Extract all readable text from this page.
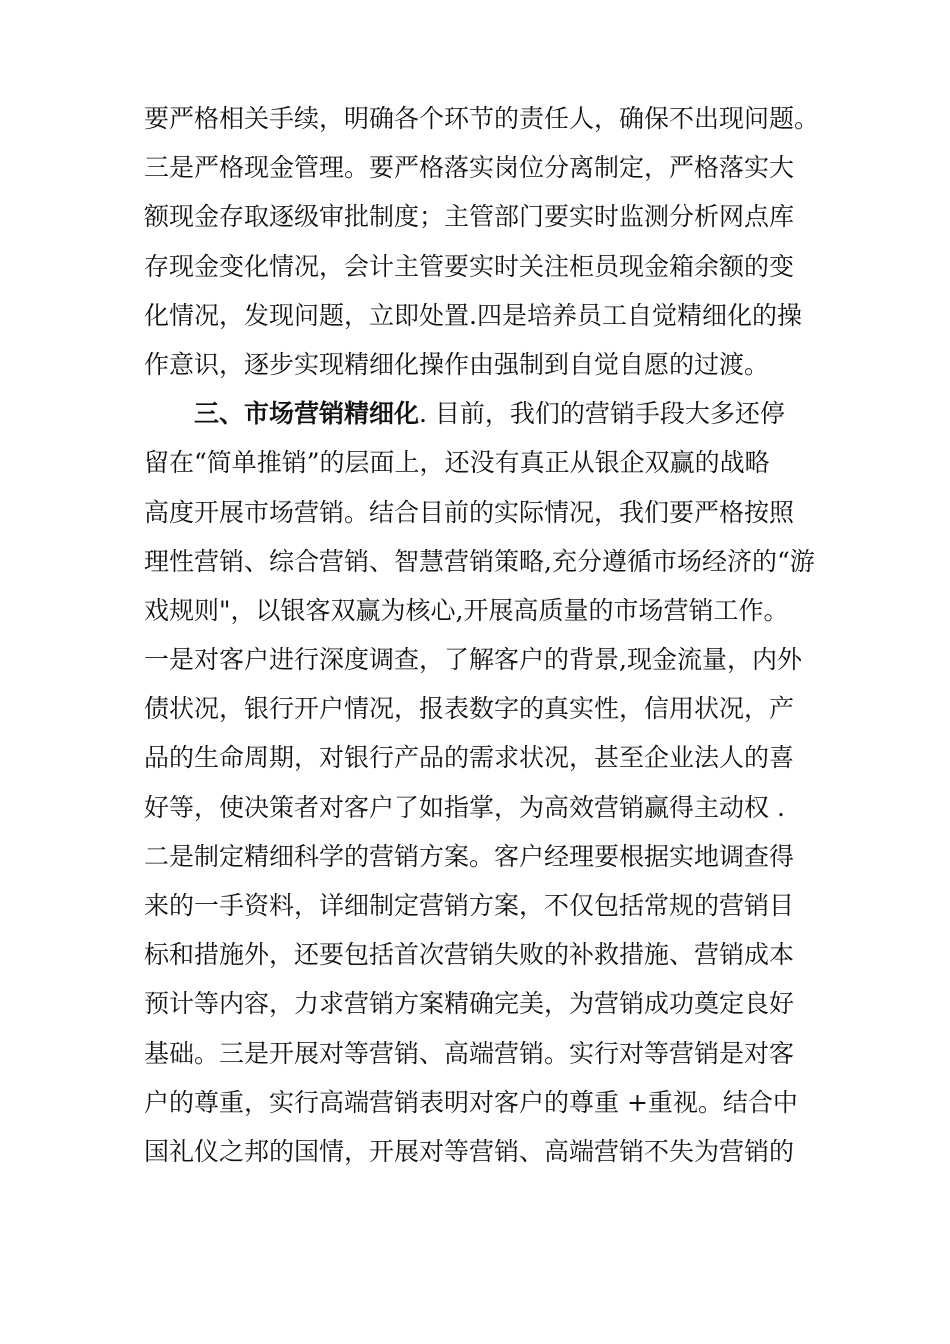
要严格相关手续，明确各个环节的责任人，确保不出现问题。
三是严格现金管理。要严格落实岗位分离制定，严格落实大
额现金存取逐级审批制度；主管部门要实时监测分析网点库
存现金变化情况，会计主管要实时关注柜员现金箱余额的变
化情况，发现问题，立即处置.四是培养员工自觉精细化的操
作意识，逐步实现精细化操作由强制到自觉自愿的过渡。
三、市场营销精细化. 目前，我们的营销手段大多还停
留在“简单推销”的层面上，还没有真正从银企双赢的战略
高度开展市场营销。结合目前的实际情况，我们要严格按照
理性营销、综合营销、智慧营销策略,充分遵循市场经济的“游
戏规则"，以银客双赢为核心,开展高质量的市场营销工作。
一是对客户进行深度调查，了解客户的背景,现金流量，内外
债状况，银行开户情况，报表数字的真实性，信用状况，产
品的生命周期，对银行产品的需求状况，甚至企业法人的喜
好等，使决策者对客户了如指掌，为高效营销赢得主动权 .
二是制定精细科学的营销方案。客户经理要根据实地调查得
来的一手资料，详细制定营销方案，不仅包括常规的营销目
标和措施外，还要包括首次营销失败的补救措施、营销成本
预计等内容，力求营销方案精确完美，为营销成功奠定良好
基础。三是开展对等营销、高端营销。实行对等营销是对客
户的尊重，实行高端营销表明对客户的尊重 +重视。结合中
国礼仪之邦的国情，开展对等营销、高端营销不失为营销的
